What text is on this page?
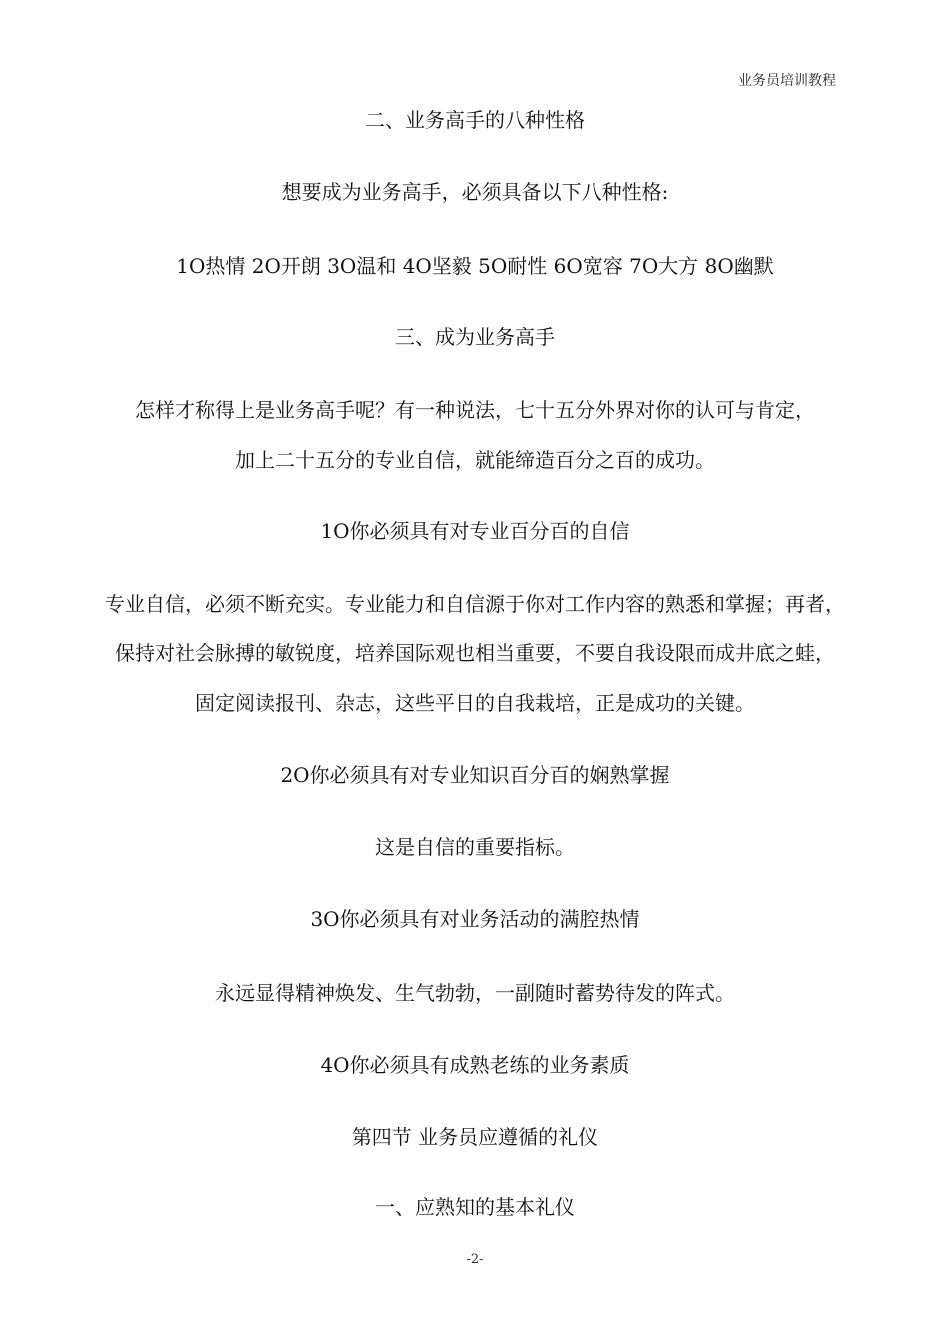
业务员培训教程
二、业务高手的八种性格
想要成为业务高手，必须具备以下八种性格:
1O热情 2O开朗 3O温和 4O坚毅 5O耐性 6O宽容 7O大方 8O幽默
三、成为业务高手
怎样才称得上是业务高手呢？有一种说法，七十五分外界对你的认可与肯定，
加上二十五分的专业自信，就能缔造百分之百的成功。
1O你必须具有对专业百分百的自信
专业自信，必须不断充实。专业能力和自信源于你对工作内容的熟悉和掌握；再者，
保持对社会脉搏的敏锐度，培养国际观也相当重要，不要自我设限而成井底之蛙，
固定阅读报刊、杂志，这些平日的自我栽培，正是成功的关键。
2O你必须具有对专业知识百分百的娴熟掌握
这是自信的重要指标。
3O你必须具有对业务活动的满腔热情
永远显得精神焕发、生气勃勃，一副随时蓄势待发的阵式。
4O你必须具有成熟老练的业务素质
第四节 业务员应遵循的礼仪
一、应熟知的基本礼仪
-2-
